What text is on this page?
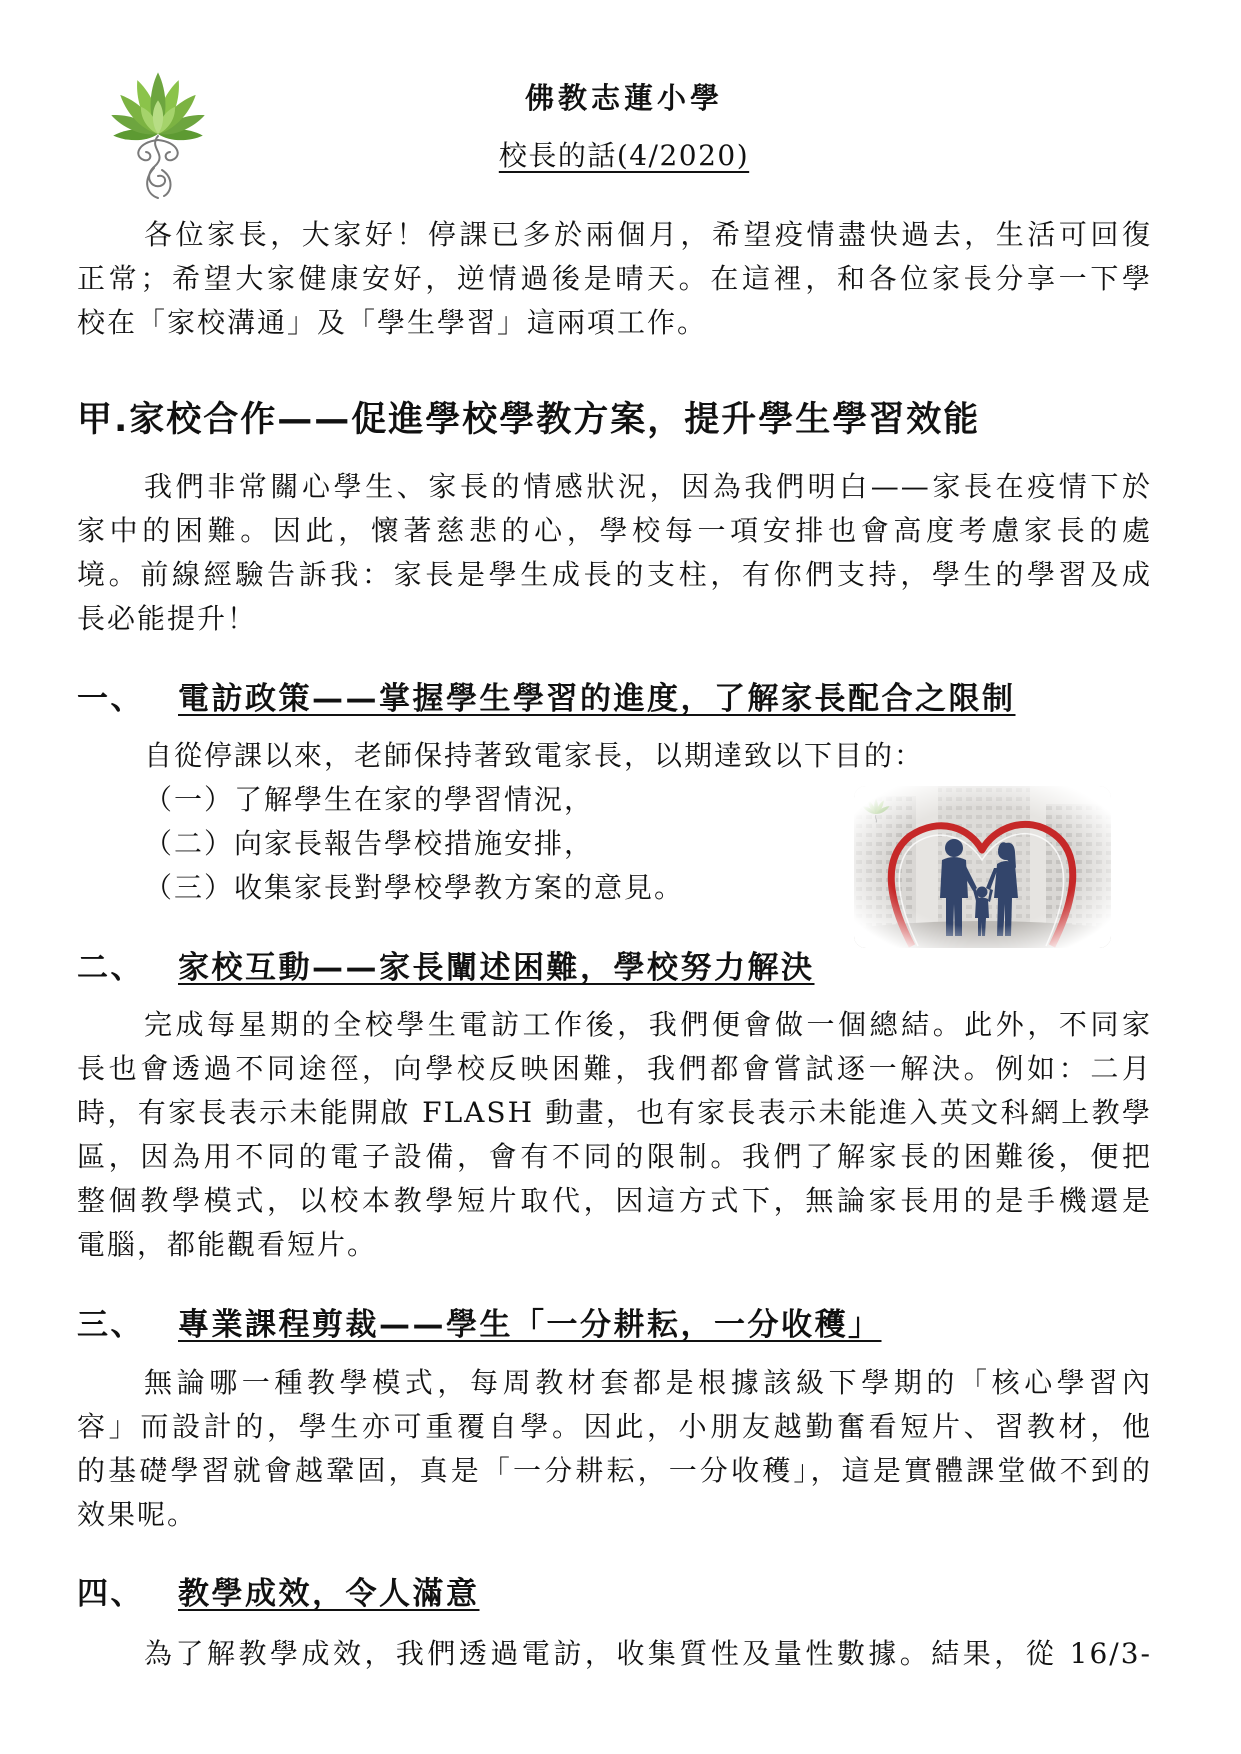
佛教志蓮小學
校長的話(4/2020)
各位家長，大家好！停課已多於兩個月，希望疫情盡快過去，生活可回復
正常；希望大家健康安好，逆情過後是晴天。在這裡，和各位家長分享一下學
校在「家校溝通」及「學生學習」這兩項工作。
甲.家校合作——促進學校學教方案，提升學生學習效能
我們非常關心學生、家長的情感狀況，因為我們明白——家長在疫情下於
家中的困難。因此，懷著慈悲的心，學校每一項安排也會高度考慮家長的處
境。前線經驗告訴我：家長是學生成長的支柱，有你們支持，學生的學習及成
長必能提升！
一、 電訪政策——掌握學生學習的進度，了解家長配合之限制
自從停課以來，老師保持著致電家長，以期達致以下目的：
（一）了解學生在家的學習情況，
（二）向家長報告學校措施安排，
（三）收集家長對學校學教方案的意見。
二、 家校互動——家長闡述困難，學校努力解決
完成每星期的全校學生電訪工作後，我們便會做一個總結。此外，不同家
長也會透過不同途徑，向學校反映困難，我們都會嘗試逐一解決。例如：二月
時，有家長表示未能開啟 FLASH 動畫，也有家長表示未能進入英文科網上教學
區，因為用不同的電子設備，會有不同的限制。我們了解家長的困難後，便把
整個教學模式，以校本教學短片取代，因這方式下，無論家長用的是手機還是
電腦，都能觀看短片。
三、 專業課程剪裁——學生「一分耕耘，一分收穫」
無論哪一種教學模式，每周教材套都是根據該級下學期的「核心學習內
容」而設計的，學生亦可重覆自學。因此，小朋友越勤奮看短片、習教材，他
的基礎學習就會越鞏固，真是「一分耕耘，一分收穫」，這是實體課堂做不到的
效果呢。
四、 教學成效，令人滿意
為了解教學成效，我們透過電訪，收集質性及量性數據。結果，從 16/3-
